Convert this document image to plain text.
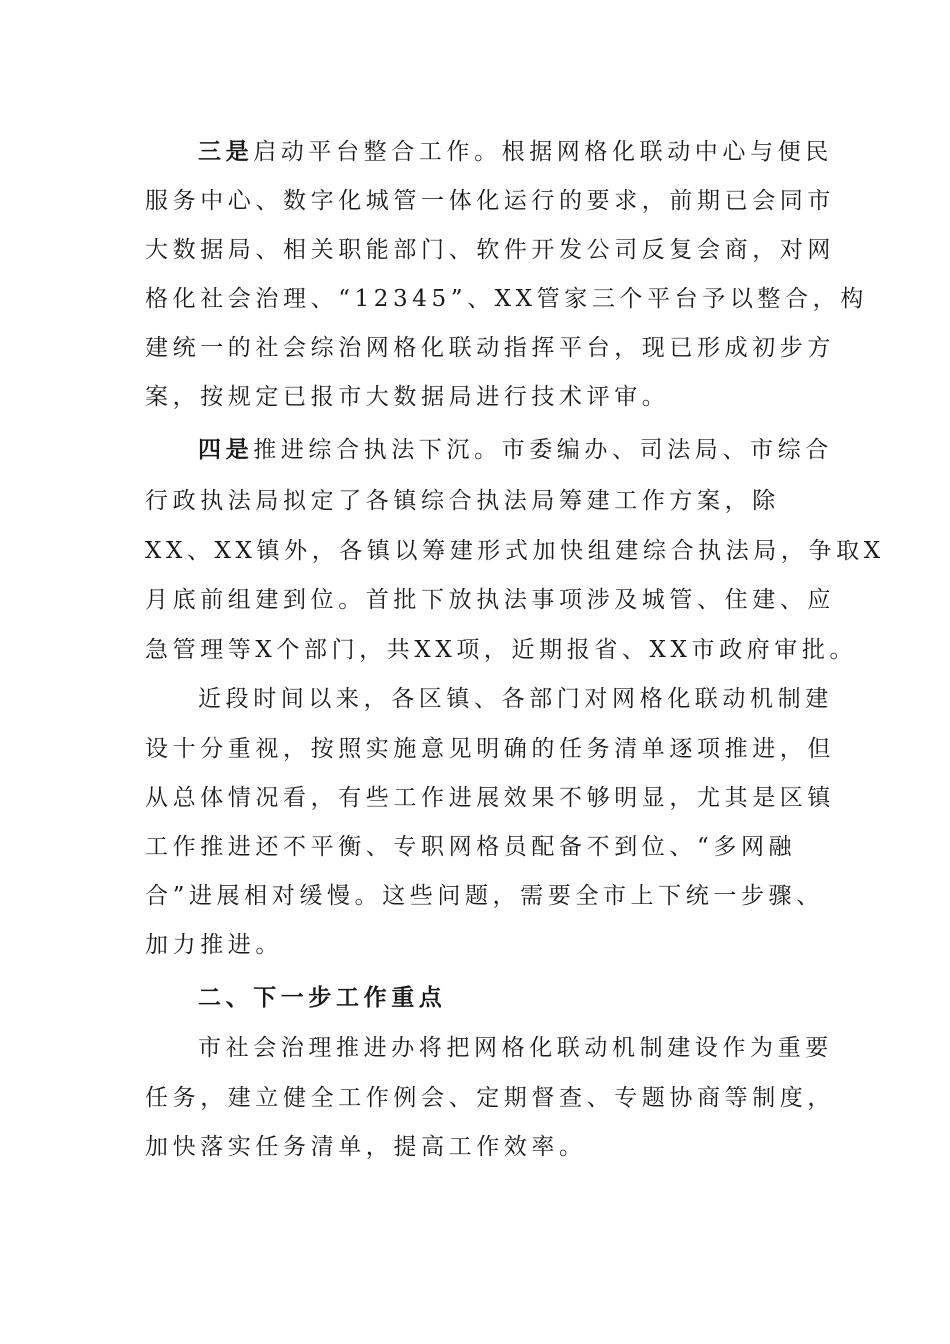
三是启动平台整合工作。根据网格化联动中心与便民
服务中心、数字化城管一体化运行的要求，前期已会同市
大数据局、相关职能部门、软件开发公司反复会商，对网
格化社会治理、“12345”、XX管家三个平台予以整合，构
建统一的社会综治网格化联动指挥平台，现已形成初步方
案，按规定已报市大数据局进行技术评审。
四是推进综合执法下沉。市委编办、司法局、市综合
行政执法局拟定了各镇综合执法局筹建工作方案，除
XX、XX镇外，各镇以筹建形式加快组建综合执法局，争取X
月底前组建到位。首批下放执法事项涉及城管、住建、应
急管理等X个部门，共XX项，近期报省、XX市政府审批。
近段时间以来，各区镇、各部门对网格化联动机制建
设十分重视，按照实施意见明确的任务清单逐项推进，但
从总体情况看，有些工作进展效果不够明显，尤其是区镇
工作推进还不平衡、专职网格员配备不到位、“多网融
合”进展相对缓慢。这些问题，需要全市上下统一步骤、
加力推进。
二、下一步工作重点
市社会治理推进办将把网格化联动机制建设作为重要
任务，建立健全工作例会、定期督查、专题协商等制度，
加快落实任务清单，提高工作效率。
